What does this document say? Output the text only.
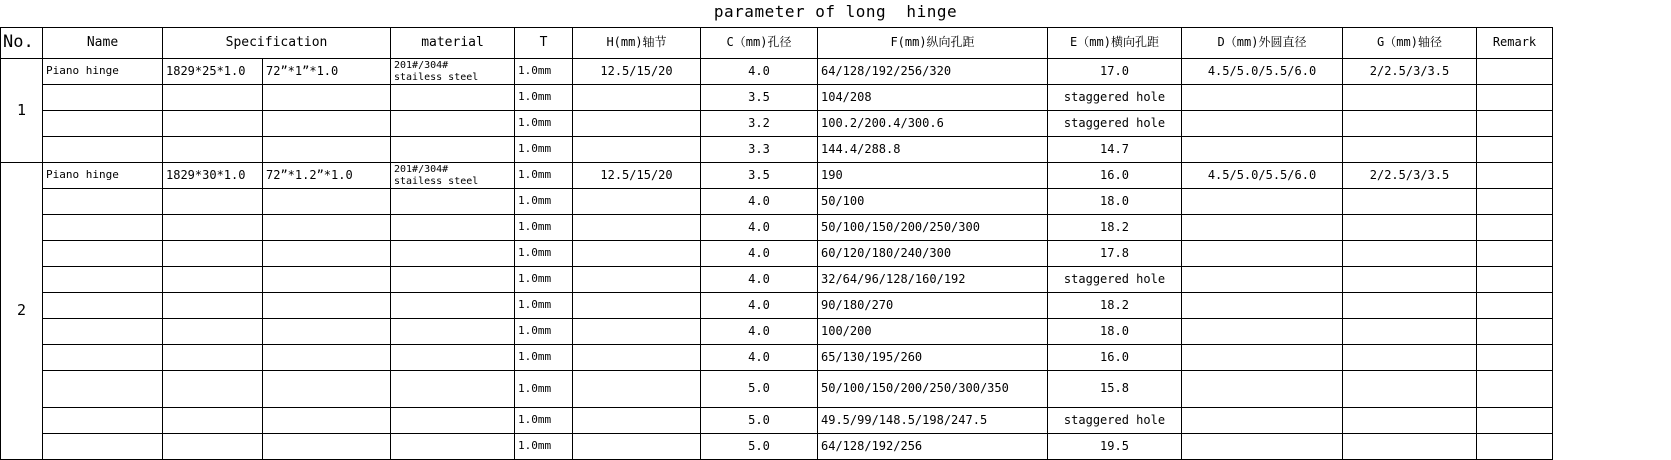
parameter of long  hinge
No.	Name	Specification		material	T	H(mm)轴节	C（mm)孔径	F(mm)纵向孔距	E（mm)横向孔距	D（mm)外圆直径	G（mm)轴径	Remark
1	Piano hinge	1829*25*1.0	72”*1”*1.0	201#/304#
stailess steel	1.0mm	12.5/15/20	4.0	64/128/192/256/320	17.0	4.5/5.0/5.5/6.0	2/2.5/3/3.5	
					1.0mm		3.5	104/208	staggered hole			
					1.0mm		3.2	100.2/200.4/300.6	staggered hole			
					1.0mm		3.3	144.4/288.8	14.7			
2	Piano hinge	1829*30*1.0	72”*1.2”*1.0	201#/304#
stailess steel	1.0mm	12.5/15/20	3.5	190	16.0	4.5/5.0/5.5/6.0	2/2.5/3/3.5	
					1.0mm		4.0	50/100	18.0			
					1.0mm		4.0	50/100/150/200/250/300	18.2			
					1.0mm		4.0	60/120/180/240/300	17.8			
					1.0mm		4.0	32/64/96/128/160/192	staggered hole			
					1.0mm		4.0	90/180/270	18.2			
					1.0mm		4.0	100/200	18.0			
					1.0mm		4.0	65/130/195/260	16.0			
					1.0mm		5.0	50/100/150/200/250/300/350	15.8			
					1.0mm		5.0	49.5/99/148.5/198/247.5	staggered hole			
					1.0mm		5.0	64/128/192/256	19.5			
